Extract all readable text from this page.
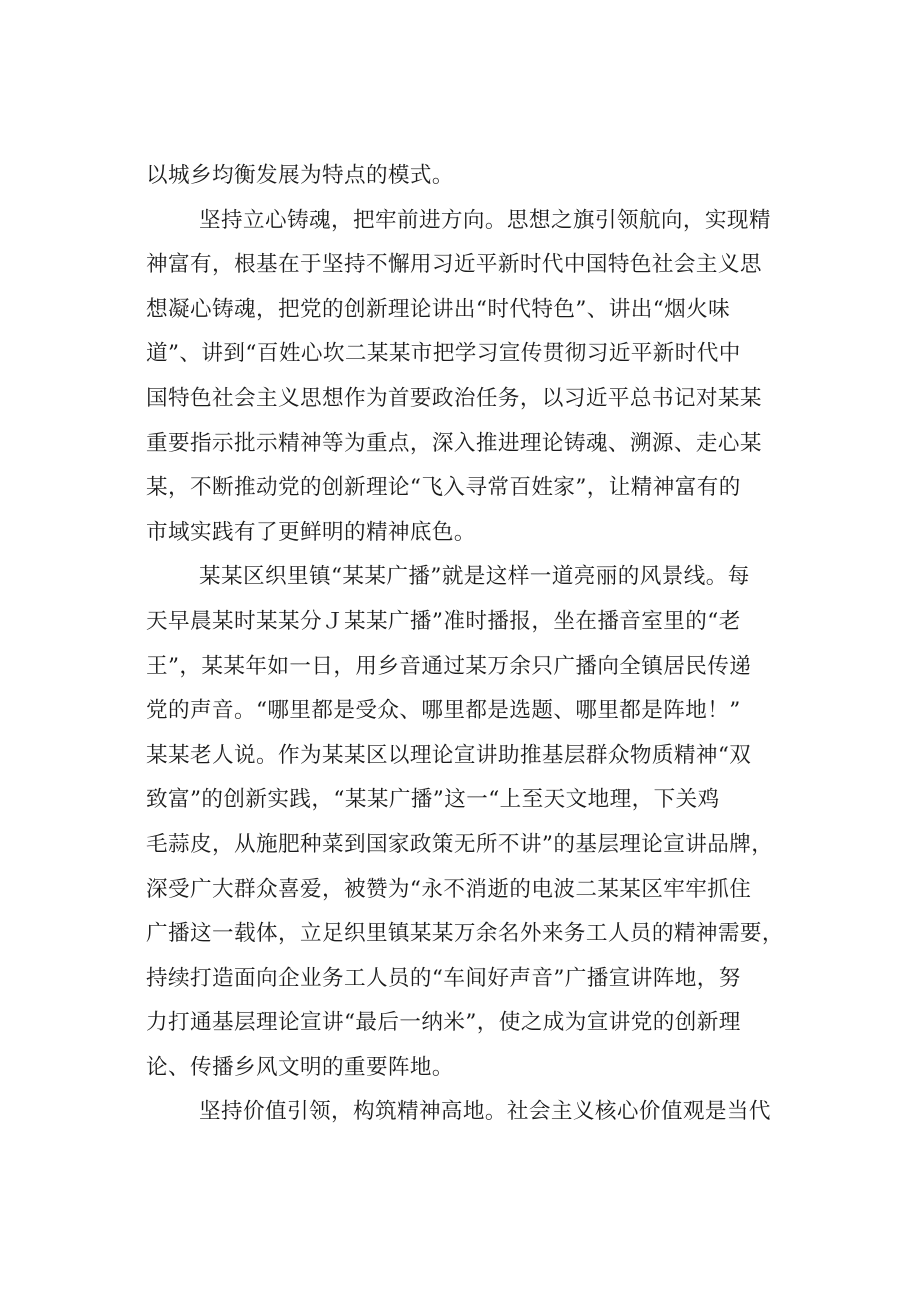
以城乡均衡发展为特点的模式。
坚持立心铸魂，把牢前进方向。思想之旗引领航向，实现精
神富有，根基在于坚持不懈用习近平新时代中国特色社会主义思
想凝心铸魂，把党的创新理论讲出“时代特色”、讲出“烟火味
道”、讲到“百姓心坎二某某市把学习宣传贯彻习近平新时代中
国特色社会主义思想作为首要政治任务，以习近平总书记对某某
重要指示批示精神等为重点，深入推进理论铸魂、溯源、走心某
某，不断推动党的创新理论“飞入寻常百姓家”，让精神富有的
市域实践有了更鲜明的精神底色。
某某区织里镇“某某广播”就是这样一道亮丽的风景线。每
天早晨某时某某分Ｊ某某广播”准时播报，坐在播音室里的“老
王”，某某年如一日，用乡音通过某万余只广播向全镇居民传递
党的声音。“哪里都是受众、哪里都是选题、哪里都是阵地！”
某某老人说。作为某某区以理论宣讲助推基层群众物质精神“双
致富”的创新实践，“某某广播”这一“上至天文地理，下关鸡
毛蒜皮，从施肥种菜到国家政策无所不讲”的基层理论宣讲品牌，
深受广大群众喜爱，被赞为“永不消逝的电波二某某区牢牢抓住
广播这一载体，立足织里镇某某万余名外来务工人员的精神需要，
持续打造面向企业务工人员的“车间好声音”广播宣讲阵地，努
力打通基层理论宣讲“最后一纳米”，使之成为宣讲党的创新理
论、传播乡风文明的重要阵地。
坚持价值引领，构筑精神高地。社会主义核心价值观是当代
